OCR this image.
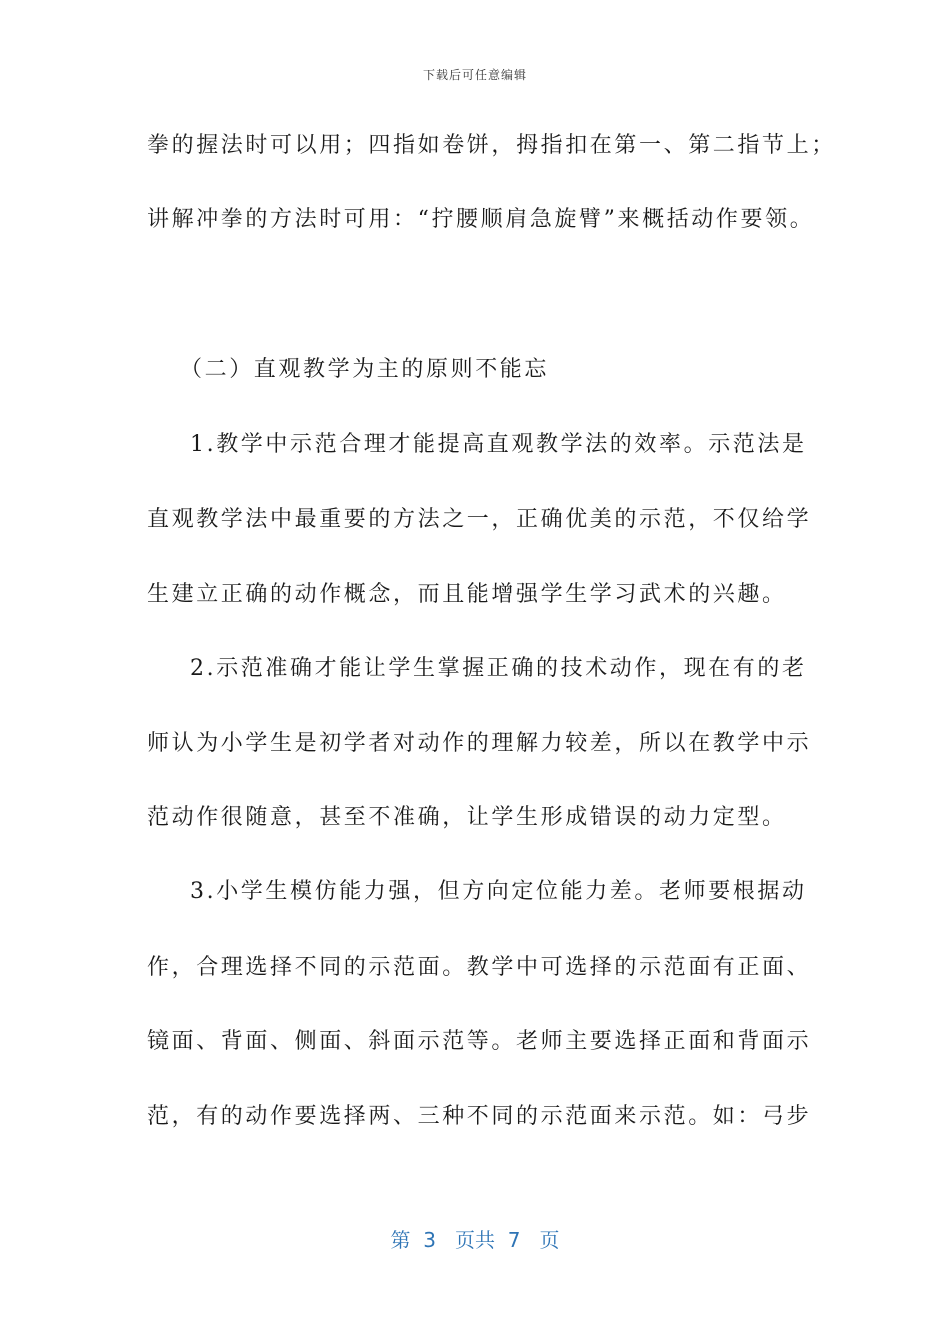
下载后可任意编辑
拳的握法时可以用；四指如卷饼，拇指扣在第一、第二指节上；
讲解冲拳的方法时可用：“拧腰顺肩急旋臂”来概括动作要领。
（二）直观教学为主的原则不能忘
1.教学中示范合理才能提高直观教学法的效率。示范法是
直观教学法中最重要的方法之一，正确优美的示范，不仅给学
生建立正确的动作概念，而且能增强学生学习武术的兴趣。
2.示范准确才能让学生掌握正确的技术动作，现在有的老
师认为小学生是初学者对动作的理解力较差，所以在教学中示
范动作很随意，甚至不准确，让学生形成错误的动力定型。
3.小学生模仿能力强，但方向定位能力差。老师要根据动
作，合理选择不同的示范面。教学中可选择的示范面有正面、
镜面、背面、侧面、斜面示范等。老师主要选择正面和背面示
范，有的动作要选择两、三种不同的示范面来示范。如：弓步
第 3 页共 7 页
